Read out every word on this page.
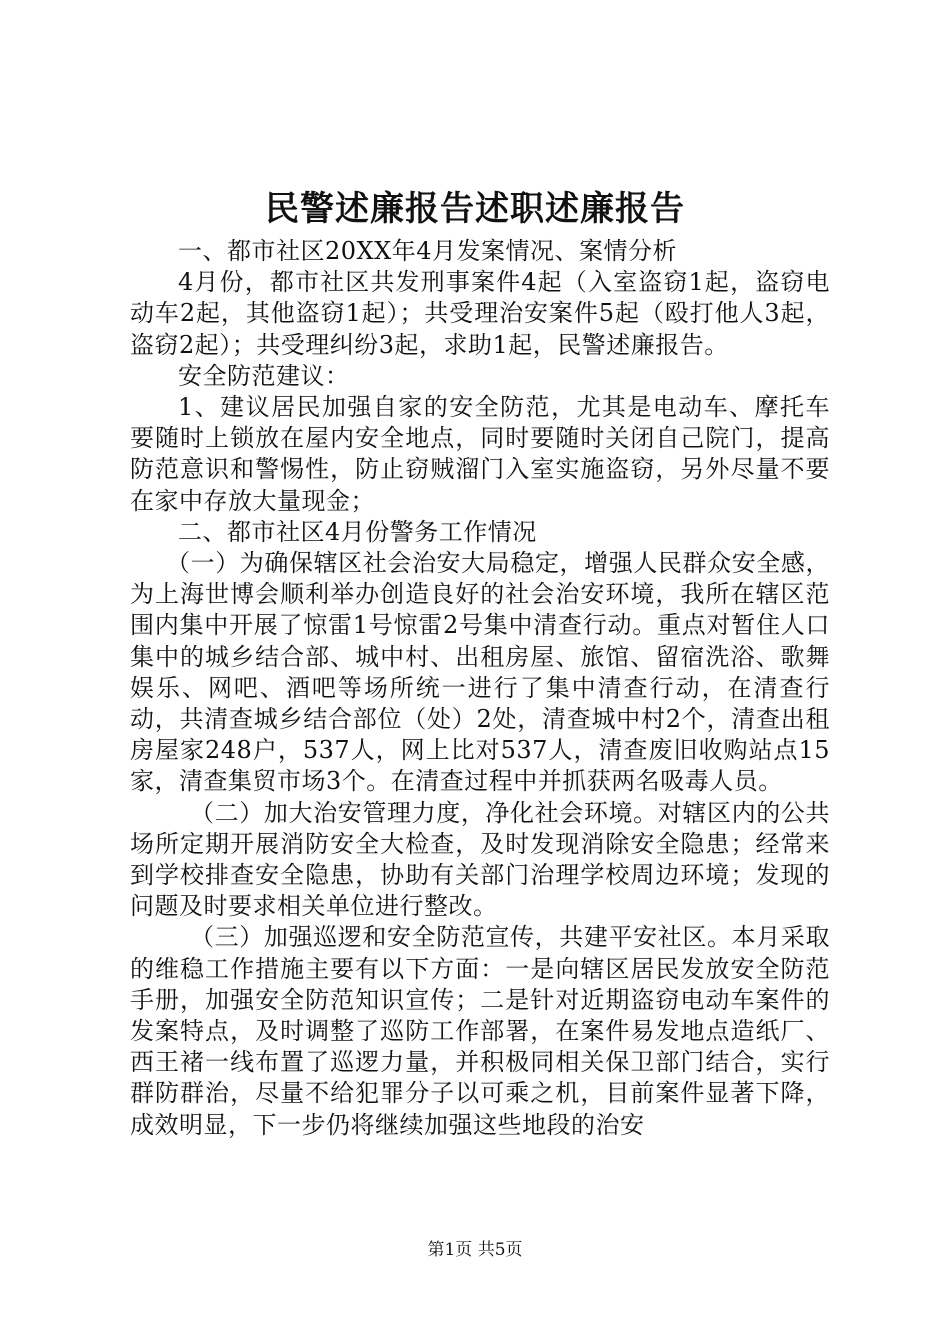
民警述廉报告述职述廉报告

一、都市社区20XX年4月发案情况、案情分析

4月份，都市社区共发刑事案件4起（入室盗窃1起，盗窃电动车2起，其他盗窃1起）；共受理治安案件5起（殴打他人3起，盗窃2起）；共受理纠纷3起，求助1起，民警述廉报告。

安全防范建议：

1、建议居民加强自家的安全防范，尤其是电动车、摩托车要随时上锁放在屋内安全地点，同时要随时关闭自己院门，提高防范意识和警惕性，防止窃贼溜门入室实施盗窃，另外尽量不要在家中存放大量现金；

二、都市社区4月份警务工作情况

（一）为确保辖区社会治安大局稳定，增强人民群众安全感，为上海世博会顺利举办创造良好的社会治安环境，我所在辖区范围内集中开展了惊雷1号惊雷2号集中清查行动。重点对暂住人口集中的城乡结合部、城中村、出租房屋、旅馆、留宿洗浴、歌舞娱乐、网吧、酒吧等场所统一进行了集中清查行动，在清查行动，共清查城乡结合部位（处）2处，清查城中村2个，清查出租房屋家248户，537人，网上比对537人，清查废旧收购站点15家，清查集贸市场3个。在清查过程中并抓获两名吸毒人员。

（二）加大治安管理力度，净化社会环境。对辖区内的公共场所定期开展消防安全大检查，及时发现消除安全隐患；经常来到学校排查安全隐患，协助有关部门治理学校周边环境；发现的问题及时要求相关单位进行整改。

（三）加强巡逻和安全防范宣传，共建平安社区。本月采取的维稳工作措施主要有以下方面：一是向辖区居民发放安全防范手册，加强安全防范知识宣传；二是针对近期盗窃电动车案件的发案特点，及时调整了巡防工作部署，在案件易发地点造纸厂、西王褚一线布置了巡逻力量，并积极同相关保卫部门结合，实行群防群治，尽量不给犯罪分子以可乘之机，目前案件显著下降，成效明显，下一步仍将继续加强这些地段的治安

第1页 共5页
